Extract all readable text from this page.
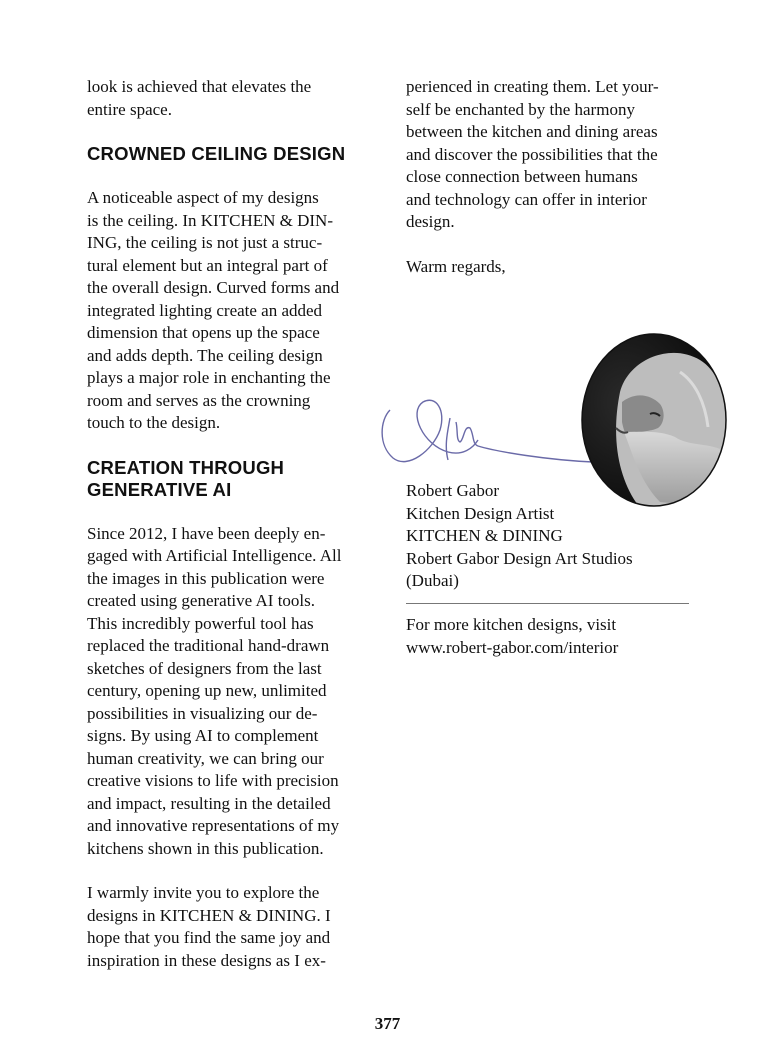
look is achieved that elevates the
entire space.

CROWNED CEILING DESIGN

A noticeable aspect of my designs
is the ceiling. In KITCHEN & DIN-
ING, the ceiling is not just a struc-
tural element but an integral part of
the overall design. Curved forms and
integrated lighting create an added
dimension that opens up the space
and adds depth. The ceiling design
plays a major role in enchanting the
room and serves as the crowning
touch to the design.

CREATION THROUGH
GENERATIVE AI

Since 2012, I have been deeply en-
gaged with Artificial Intelligence. All
the images in this publication were
created using generative AI tools.
This incredibly powerful tool has
replaced the traditional hand-drawn
sketches of designers from the last
century, opening up new, unlimited
possibilities in visualizing our de-
signs. By using AI to complement
human creativity, we can bring our
creative visions to life with precision
and impact, resulting in the detailed
and innovative representations of my
kitchens shown in this publication.

I warmly invite you to explore the
designs in KITCHEN & DINING. I
hope that you find the same joy and
inspiration in these designs as I ex-

perienced in creating them. Let your-
self be enchanted by the harmony
between the kitchen and dining areas
and discover the possibilities that the
close connection between humans
and technology can offer in interior
design.

Warm regards,

Robert Gabor

Kitchen Design Artist

KITCHEN & DINING

Robert Gabor Design Art Studios

(Dubai)

For more kitchen designs, visit
www.robert-gabor.com/interior

377
